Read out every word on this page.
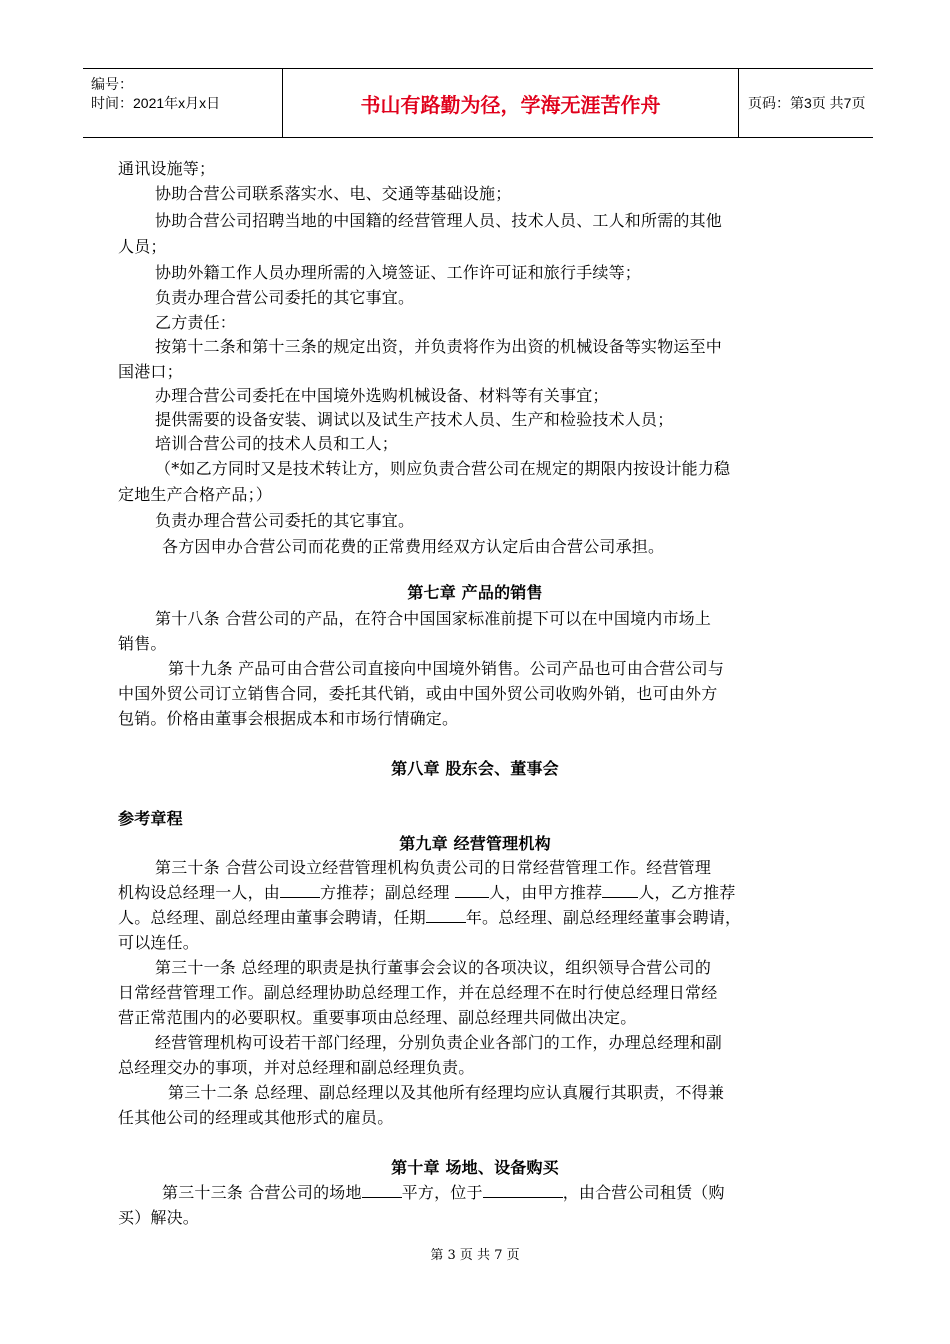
编号：
时间：2021年x月x日	书山有路勤为径，学海无涯苦作舟	页码：第3页 共7页
通讯设施等；
协助合营公司联系落实水、电、交通等基础设施；
协助合营公司招聘当地的中国籍的经营管理人员、技术人员、工人和所需的其他
人员；
协助外籍工作人员办理所需的入境签证、工作许可证和旅行手续等；
负责办理合营公司委托的其它事宜。
乙方责任：
按第十二条和第十三条的规定出资，并负责将作为出资的机械设备等实物运至中
国港口；
办理合营公司委托在中国境外选购机械设备、材料等有关事宜；
提供需要的设备安装、调试以及试生产技术人员、生产和检验技术人员；
培训合营公司的技术人员和工人；
（*如乙方同时又是技术转让方，则应负责合营公司在规定的期限内按设计能力稳
定地生产合格产品；）
负责办理合营公司委托的其它事宜。
各方因申办合营公司而花费的正常费用经双方认定后由合营公司承担。
第七章 产品的销售
第十八条 合营公司的产品，在符合中国国家标准前提下可以在中国境内市场上
销售。
第十九条 产品可由合营公司直接向中国境外销售。公司产品也可由合营公司与
中国外贸公司订立销售合同，委托其代销，或由中国外贸公司收购外销，也可由外方
包销。价格由董事会根据成本和市场行情确定。
第八章 股东会、董事会
参考章程
第九章 经营管理机构
第三十条 合营公司设立经营管理机构负责公司的日常经营管理工作。经营管理
机构设总经理一人，由	方推荐；副总经理 人，由甲方推荐 人，乙方推荐
人。总经理、副总经理由董事会聘请，任期	年。总经理、副总经理经董事会聘请，
可以连任。
第三十一条 总经理的职责是执行董事会会议的各项决议，组织领导合营公司的
日常经营管理工作。副总经理协助总经理工作，并在总经理不在时行使总经理日常经
营正常范围内的必要职权。重要事项由总经理、副总经理共同做出决定。
经营管理机构可设若干部门经理，分别负责企业各部门的工作，办理总经理和副
总经理交办的事项，并对总经理和副总经理负责。
第三十二条 总经理、副总经理以及其他所有经理均应认真履行其职责，不得兼
任其他公司的经理或其他形式的雇员。
第十章 场地、设备购买
第三十三条 合营公司的场地	平方，位于	，由合营公司租赁（购
买）解决。
第 3 页 共 7 页
